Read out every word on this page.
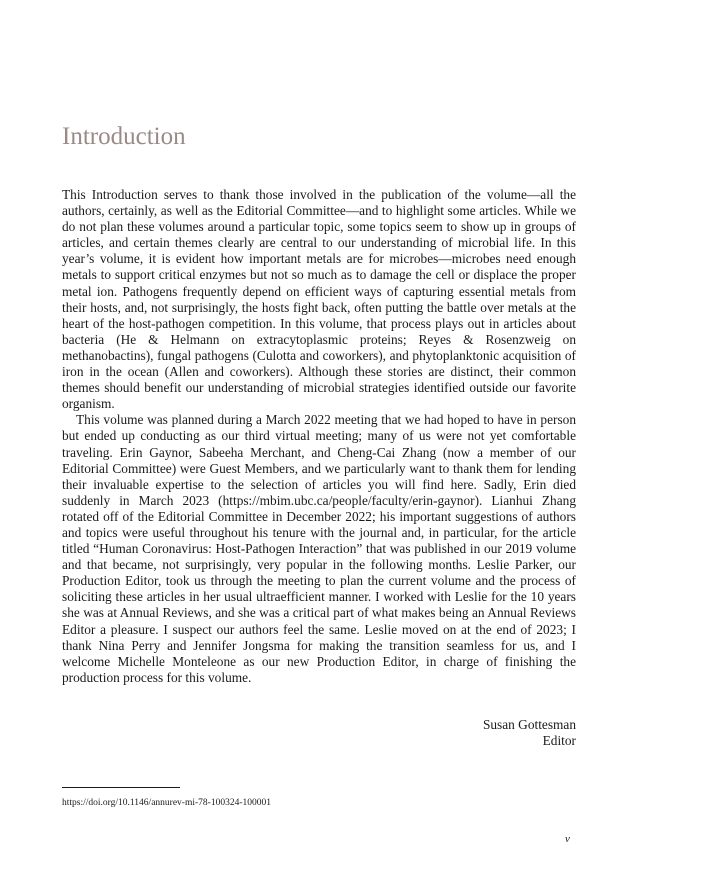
Introduction

This Introduction serves to thank those involved in the publication of the volume—all the authors, certainly, as well as the Editorial Committee—and to highlight some articles. While we do not plan these volumes around a particular topic, some topics seem to show up in groups of articles, and certain themes clearly are central to our understanding of microbial life. In this year’s volume, it is evident how important metals are for microbes—microbes need enough metals to support critical enzymes but not so much as to damage the cell or displace the proper metal ion. Pathogens frequently depend on efficient ways of capturing essential metals from their hosts, and, not surprisingly, the hosts fight back, often putting the battle over metals at the heart of the host-pathogen competition. In this volume, that process plays out in articles about bacteria (He & Helmann on extracytoplasmic proteins; Reyes & Rosenzweig on methanobactins), fungal pathogens (Culotta and coworkers), and phytoplanktonic acquisition of iron in the ocean (Allen and coworkers). Although these stories are distinct, their common themes should benefit our understanding of microbial strategies identified outside our favorite organism.

This volume was planned during a March 2022 meeting that we had hoped to have in person but ended up conducting as our third virtual meeting; many of us were not yet comfortable traveling. Erin Gaynor, Sabeeha Merchant, and Cheng-Cai Zhang (now a member of our Editorial Committee) were Guest Members, and we particularly want to thank them for lending their invaluable expertise to the selection of articles you will find here. Sadly, Erin died suddenly in March 2023 (https://mbim.ubc.ca/people/faculty/erin-gaynor). Lianhui Zhang rotated off of the Editorial Committee in December 2022; his important suggestions of authors and topics were useful throughout his tenure with the journal and, in particular, for the article titled “Human Coronavirus: Host-Pathogen Interaction” that was published in our 2019 volume and that became, not surprisingly, very popular in the following months. Leslie Parker, our Production Editor, took us through the meeting to plan the current volume and the process of soliciting these articles in her usual ultraefficient manner. I worked with Leslie for the 10 years she was at Annual Reviews, and she was a critical part of what makes being an Annual Reviews Editor a pleasure. I suspect our authors feel the same. Leslie moved on at the end of 2023; I thank Nina Perry and Jennifer Jongsma for making the transition seamless for us, and I welcome Michelle Monteleone as our new Production Editor, in charge of finishing the production process for this volume.

Susan Gottesman
Editor
https://doi.org/10.1146/annurev-mi-78-100324-100001
v
